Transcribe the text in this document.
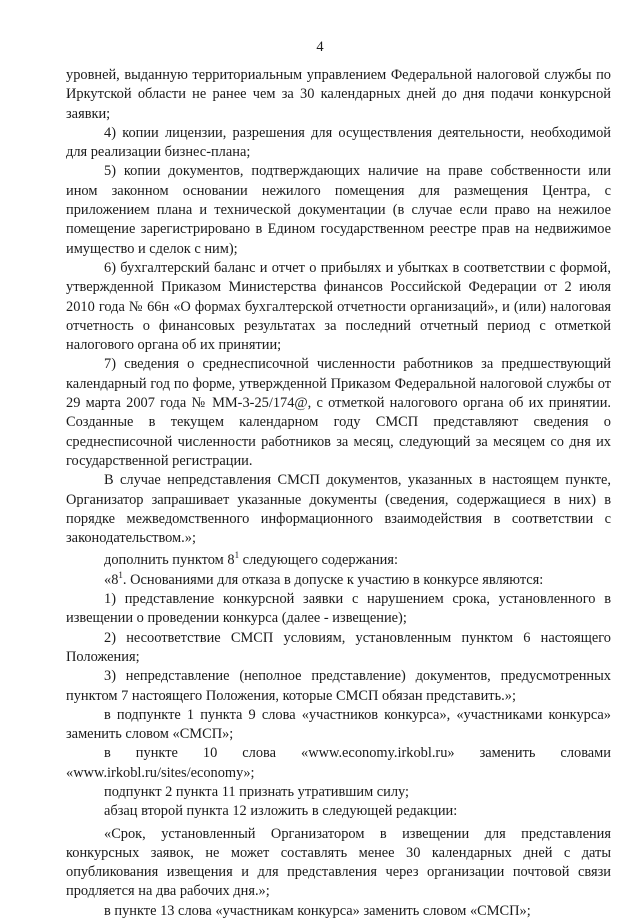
4

уровней, выданную территориальным управлением Федеральной налоговой службы по Иркутской области не ранее чем за 30 календарных дней до дня подачи конкурсной заявки;

4) копии лицензии, разрешения для осуществления деятельности, необходимой для реализации бизнес-плана;

5) копии документов, подтверждающих наличие на праве собственности или ином законном основании нежилого помещения для размещения Центра, с приложением плана и технической документации (в случае если право на нежилое помещение зарегистрировано в Едином государственном реестре прав на недвижимое имущество и сделок с ним);

6) бухгалтерский баланс и отчет о прибылях и убытках в соответствии с формой, утвержденной Приказом Министерства финансов Российской Федерации от 2 июля 2010 года № 66н «О формах бухгалтерской отчетности организаций», и (или) налоговая отчетность о финансовых результатах за последний отчетный период с отметкой налогового органа об их принятии;

7) сведения о среднесписочной численности работников за предшествующий календарный год по форме, утвержденной Приказом Федеральной налоговой службы от 29 марта 2007 года № ММ-3-25/174@, с отметкой налогового органа об их принятии. Созданные в текущем календарном году СМСП представляют сведения о среднесписочной численности работников за месяц, следующий за месяцем со дня их государственной регистрации.

В случае непредставления СМСП документов, указанных в настоящем пункте, Организатор запрашивает указанные документы (сведения, содержащиеся в них) в порядке межведомственного информационного взаимодействия в соответствии с законодательством.»;

дополнить пунктом $8^1$ следующего содержания:

«$8^1$. Основаниями для отказа в допуске к участию в конкурсе являются:

1) представление конкурсной заявки с нарушением срока, установленного в извещении о проведении конкурса (далее - извещение);

2) несоответствие СМСП условиям, установленным пунктом 6 настоящего Положения;

3) непредставление (неполное представление) документов, предусмотренных пунктом 7 настоящего Положения, которые СМСП обязан представить.»;

в подпункте 1 пункта 9 слова «участников конкурса», «участниками конкурса» заменить словом «СМСП»;

в пункте 10 слова «www.economy.irkobl.ru» заменить словами «www.irkobl.ru/sites/economy»;

подпункт 2 пункта 11 признать утратившим силу;

абзац второй пункта 12 изложить в следующей редакции:

«Срок, установленный Организатором в извещении для представления конкурсных заявок, не может составлять менее 30 календарных дней с даты опубликования извещения и для представления через организации почтовой связи продляется на два рабочих дня.»;

в пункте 13 слова «участникам конкурса» заменить словом «СМСП»;
